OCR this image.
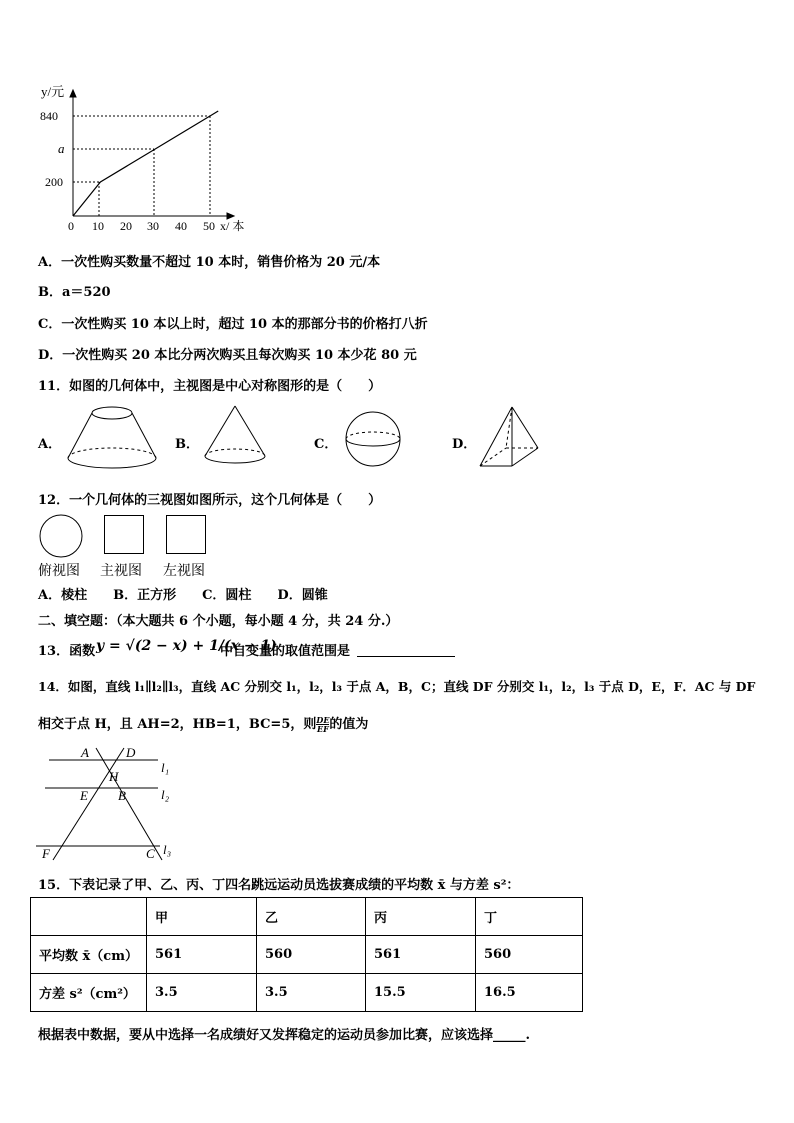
y/元
840
a
200
0 10 20 30 40 50 x/ 本
A．一次性购买数量不超过 10 本时，销售价格为 20 元/本
B．a＝520
C．一次性购买 10 本以上时，超过 10 本的那部分书的价格打八折
D．一次性购买 20 本比分两次购买且每次购买 10 本少花 80 元
11．如图的几何体中，主视图是中心对称图形的是（　　）
A．	B．	C．	D．
12．一个几何体的三视图如图所示，这个几何体是（　　）
俯视图 主视图 左视图
A．棱柱　　B．正方形　　C．圆柱　　D．圆锥
二、填空题：（本大题共 6 个小题，每小题 4 分，共 24 分.）
13．函数 y = √(2 − x) + 1/(x − 1)
中自变量的取值范围是
14．如图，直线 l₁∥l₂∥l₃，直线 AC 分别交 l₁，l₂，l₃ 于点 A，B，C；直线 DF 分别交 l₁，l₂，l₃ 于点 D，E，F．AC 与 DF
相交于点 H，且 AH=2，HB=1，BC=5，则 $\frac{DE}{EF}$ 的值为
A	D
H
E B
F	C
l₁
l₂
l₃
15．下表记录了甲、乙、丙、丁四名跳远运动员选拔赛成绩的平均数 x̄ 与方差 s²：
	甲	乙	丙	丁
平均数 x̄（cm）	561	560	561	560
方差 s²（cm²）	3.5	3.5	15.5	16.5
根据表中数据，要从中选择一名成绩好又发挥稳定的运动员参加比赛，应该选择_____.
